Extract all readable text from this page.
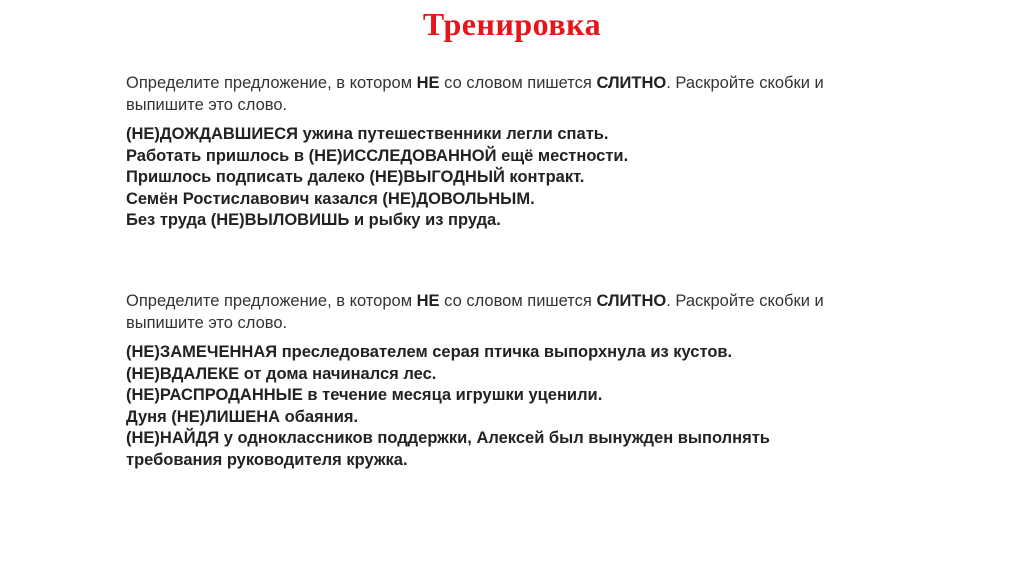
Тренировка

Определите предложение, в котором НЕ со словом пишется СЛИТНО. Раскройте скобки и выпишите это слово.

(НЕ)ДОЖДАВШИЕСЯ ужина путешественники легли спать.
Работать пришлось в (НЕ)ИССЛЕДОВАННОЙ ещё местности.
Пришлось подписать далеко (НЕ)ВЫГОДНЫЙ контракт.
Семён Ростиславович казался (НЕ)ДОВОЛЬНЫМ.
Без труда (НЕ)ВЫЛОВИШЬ и рыбку из пруда.

Определите предложение, в котором НЕ со словом пишется СЛИТНО. Раскройте скобки и выпишите это слово.

(НЕ)ЗАМЕЧЕННАЯ преследователем серая птичка выпорхнула из кустов.
(НЕ)ВДАЛЕКЕ от дома начинался лес.
(НЕ)РАСПРОДАННЫЕ в течение месяца игрушки уценили.
Дуня (НЕ)ЛИШЕНА обаяния.
(НЕ)НАЙДЯ у одноклассников поддержки, Алексей был вынужден выполнять
требования руководителя кружка.
